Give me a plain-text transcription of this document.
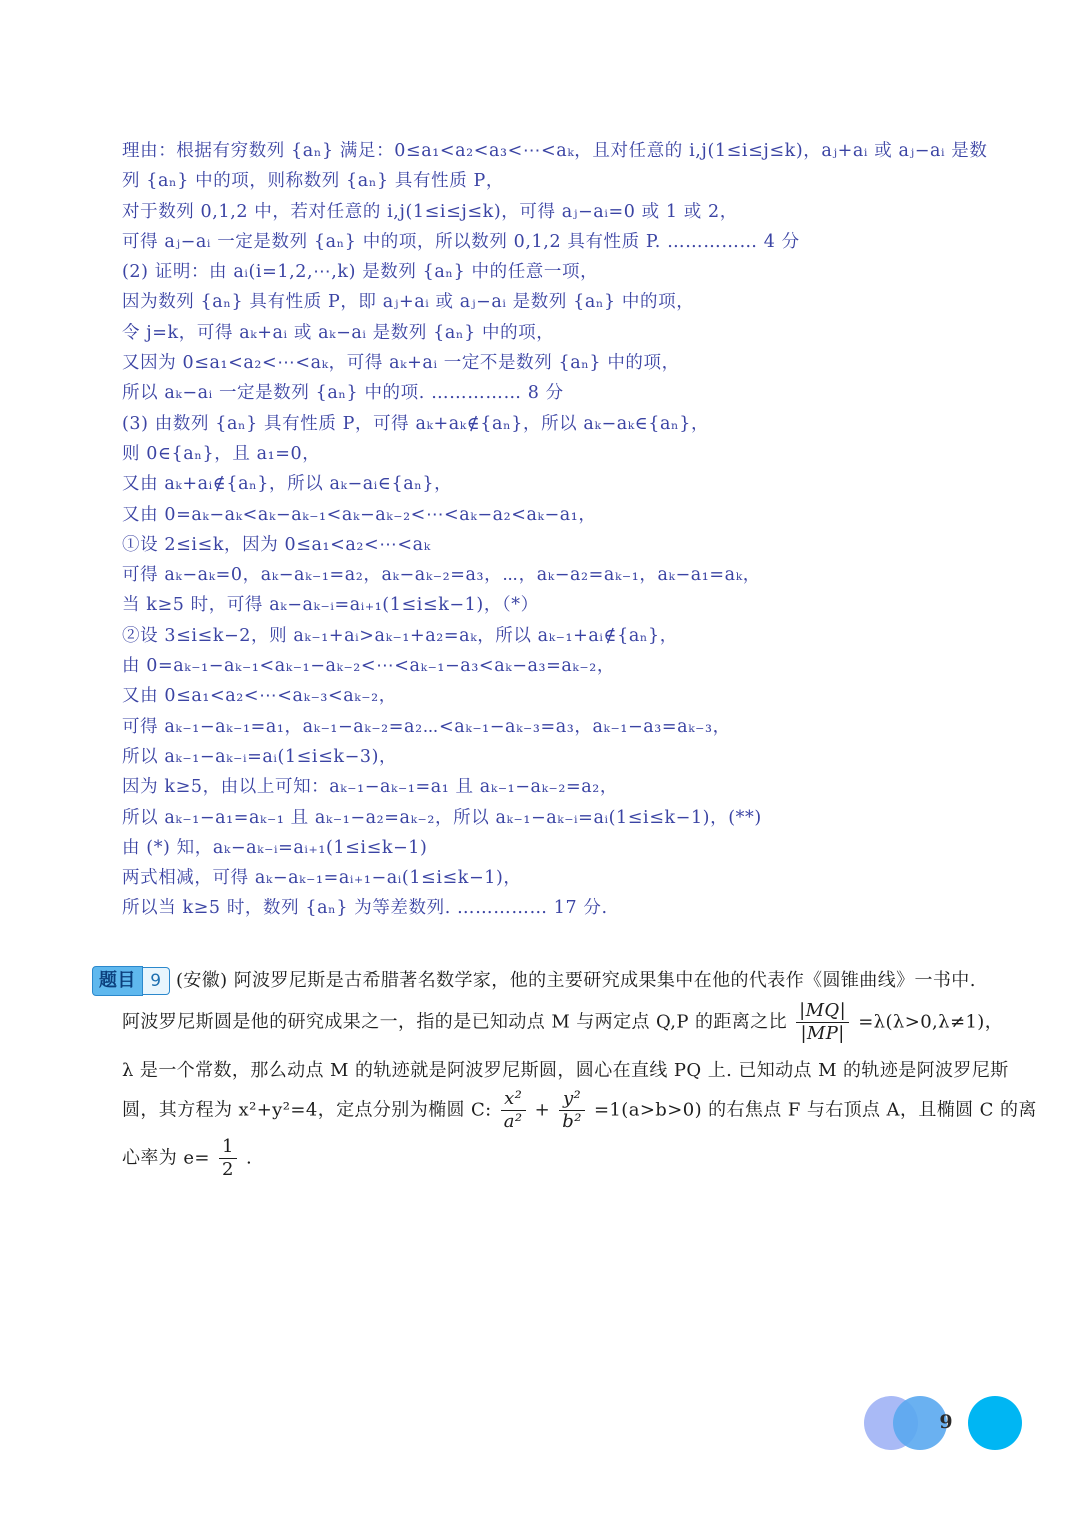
理由：根据有穷数列 {aₙ} 满足：0≤a₁<a₂<a₃<⋯<aₖ，且对任意的 i,j(1≤i≤j≤k)，aⱼ+aᵢ 或 aⱼ−aᵢ 是数
列 {aₙ} 中的项，则称数列 {aₙ} 具有性质 P，
对于数列 0,1,2 中，若对任意的 i,j(1≤i≤j≤k)，可得 aⱼ−aᵢ=0 或 1 或 2，
可得 aⱼ−aᵢ 一定是数列 {aₙ} 中的项，所以数列 0,1,2 具有性质 P. …………… 4 分
(2) 证明：由 aᵢ(i=1,2,⋯,k) 是数列 {aₙ} 中的任意一项，
因为数列 {aₙ} 具有性质 P，即 aⱼ+aᵢ 或 aⱼ−aᵢ 是数列 {aₙ} 中的项，
令 j=k，可得 aₖ+aᵢ 或 aₖ−aᵢ 是数列 {aₙ} 中的项，
又因为 0≤a₁<a₂<⋯<aₖ，可得 aₖ+aᵢ 一定不是数列 {aₙ} 中的项，
所以 aₖ−aᵢ 一定是数列 {aₙ} 中的项. …………… 8 分
(3) 由数列 {aₙ} 具有性质 P，可得 aₖ+aₖ∉{aₙ}，所以 aₖ−aₖ∈{aₙ}，
则 0∈{aₙ}，且 a₁=0，
又由 aₖ+aᵢ∉{aₙ}，所以 aₖ−aᵢ∈{aₙ}，
又由 0=aₖ−aₖ<aₖ−aₖ₋₁<aₖ−aₖ₋₂<⋯<aₖ−a₂<aₖ−a₁，
①设 2≤i≤k，因为 0≤a₁<a₂<⋯<aₖ
可得 aₖ−aₖ=0，aₖ−aₖ₋₁=a₂，aₖ−aₖ₋₂=a₃，⋯，aₖ−a₂=aₖ₋₁，aₖ−a₁=aₖ，
当 k≥5 时，可得 aₖ−aₖ₋ᵢ=aᵢ₊₁(1≤i≤k−1)，（*）
②设 3≤i≤k−2，则 aₖ₋₁+aᵢ>aₖ₋₁+a₂=aₖ，所以 aₖ₋₁+aᵢ∉{aₙ}，
由 0=aₖ₋₁−aₖ₋₁<aₖ₋₁−aₖ₋₂<⋯<aₖ₋₁−a₃<aₖ−a₃=aₖ₋₂，
又由 0≤a₁<a₂<⋯<aₖ₋₃<aₖ₋₂，
可得 aₖ₋₁−aₖ₋₁=a₁，aₖ₋₁−aₖ₋₂=a₂⋯<aₖ₋₁−aₖ₋₃=a₃，aₖ₋₁−a₃=aₖ₋₃，
所以 aₖ₋₁−aₖ₋ᵢ=aᵢ(1≤i≤k−3)，
因为 k≥5，由以上可知：aₖ₋₁−aₖ₋₁=a₁ 且 aₖ₋₁−aₖ₋₂=a₂，
所以 aₖ₋₁−a₁=aₖ₋₁ 且 aₖ₋₁−a₂=aₖ₋₂，所以 aₖ₋₁−aₖ₋ᵢ=aᵢ(1≤i≤k−1)，(**)
由 (*) 知，aₖ−aₖ₋ᵢ=aᵢ₊₁(1≤i≤k−1)
两式相减，可得 aₖ−aₖ₋₁=aᵢ₊₁−aᵢ(1≤i≤k−1)，
所以当 k≥5 时，数列 {aₙ} 为等差数列. …………… 17 分.
题目 9 (安徽) 阿波罗尼斯是古希腊著名数学家，他的主要研究成果集中在他的代表作《圆锥曲线》一书中.
阿波罗尼斯圆是他的研究成果之一，指的是已知动点 M 与两定点 Q,P 的距离之比 $\frac{|MQ|}{|MP|} =\lambda(\lambda>0,\lambda\ne 1)$，
λ 是一个常数，那么动点 M 的轨迹就是阿波罗尼斯圆，圆心在直线 PQ 上. 已知动点 M 的轨迹是阿波罗尼斯
圆，其方程为 x²+y²=4，定点分别为椭圆 C: $\frac{\text{x²}}{\text{a²}} + \frac{\text{y²}}{\text{b²}} =1(a>b>0)$ 的右焦点 F 与右顶点 A，且椭圆 C 的离
心率为 $e= \frac{1}{2}$ .
9
